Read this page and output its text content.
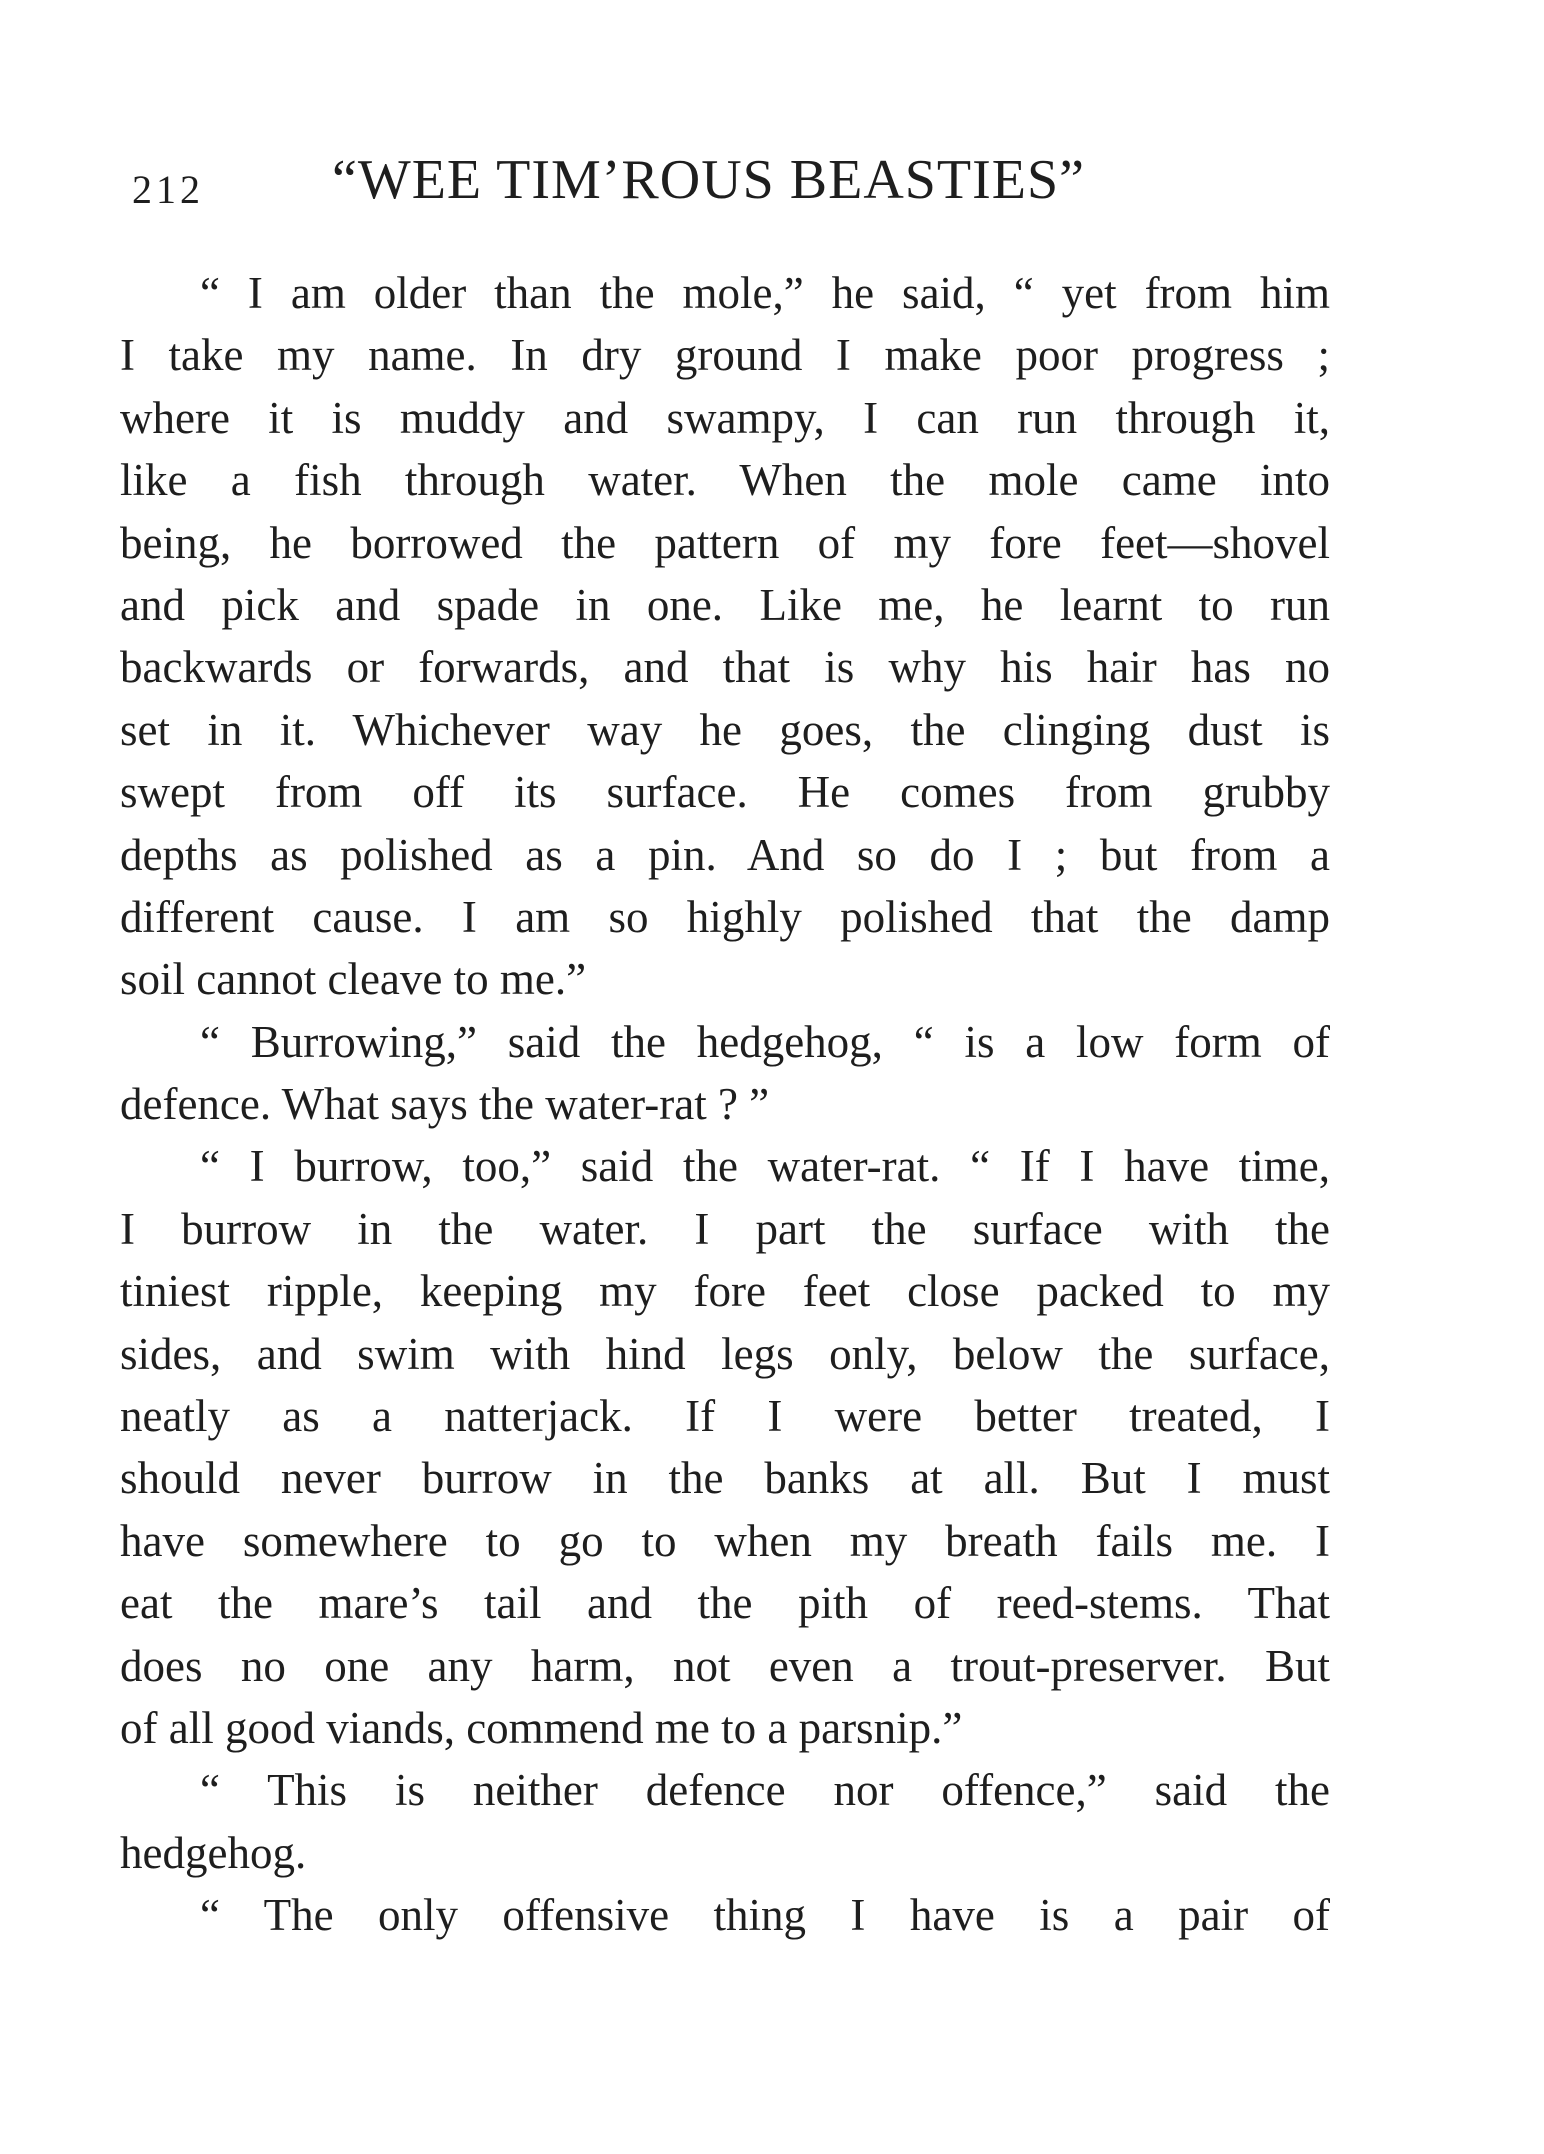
212 “WEE TIM’ROUS BEASTIES”
“ I am older than the mole,” he said, “ yet from him
I take my name. In dry ground I make poor progress ;
where it is muddy and swampy, I can run through it,
like a fish through water. When the mole came into
being, he borrowed the pattern of my fore feet—shovel
and pick and spade in one. Like me, he learnt to run
backwards or forwards, and that is why his hair has no
set in it. Whichever way he goes, the clinging dust is
swept from off its surface. He comes from grubby
depths as polished as a pin. And so do I ; but from a
different cause. I am so highly polished that the damp
soil cannot cleave to me.”
“ Burrowing,” said the hedgehog, “ is a low form of
defence. What says the water-rat ? ”
“ I burrow, too,” said the water-rat. “ If I have time,
I burrow in the water. I part the surface with the
tiniest ripple, keeping my fore feet close packed to my
sides, and swim with hind legs only, below the surface,
neatly as a natterjack. If I were better treated, I
should never burrow in the banks at all. But I must
have somewhere to go to when my breath fails me. I
eat the mare’s tail and the pith of reed-stems. That
does no one any harm, not even a trout-preserver. But
of all good viands, commend me to a parsnip.”
“ This is neither defence nor offence,” said the
hedgehog.
“ The only offensive thing I have is a pair of
